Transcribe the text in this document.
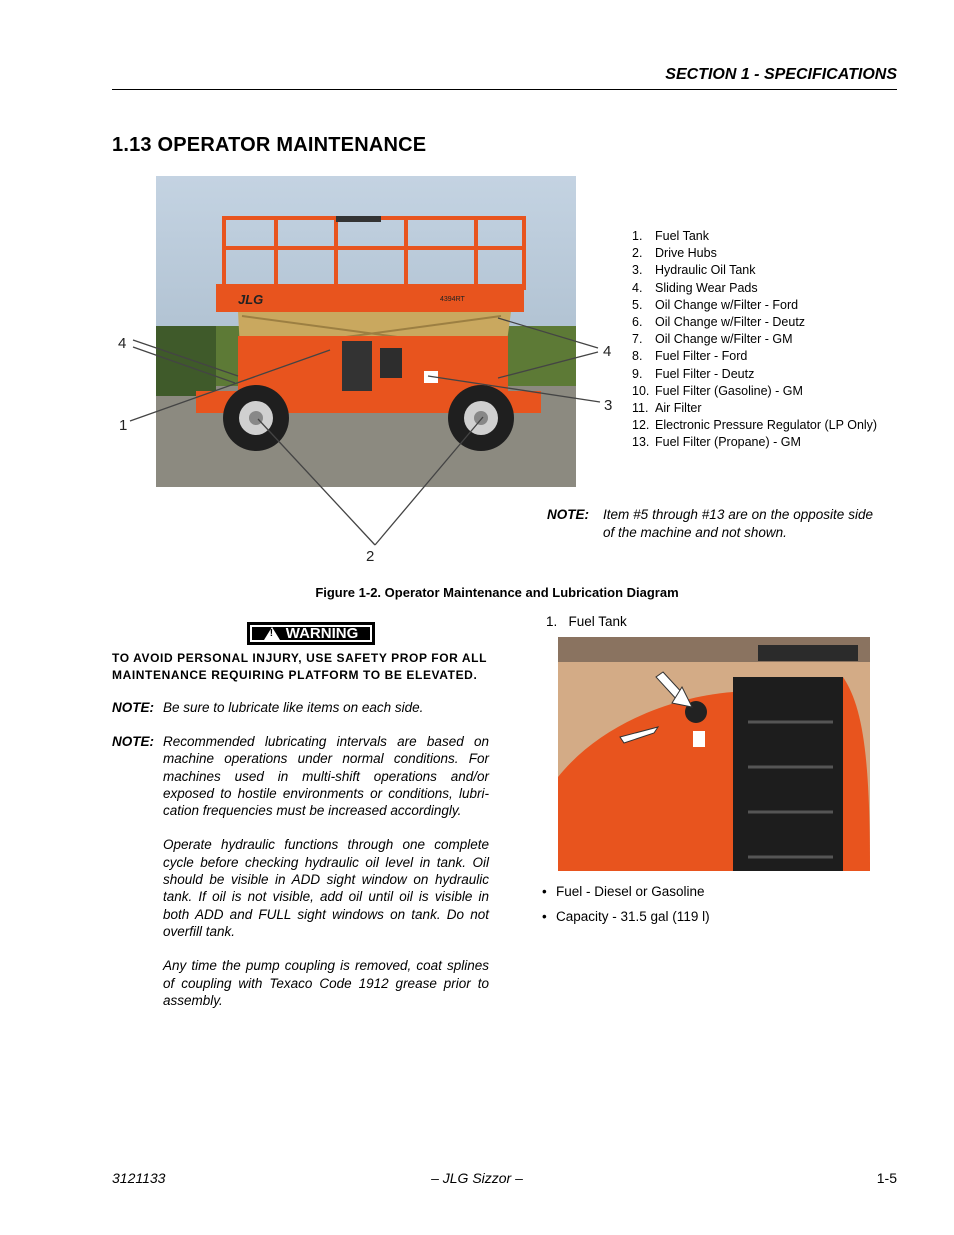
SECTION 1 - SPECIFICATIONS
1.13 OPERATOR MAINTENANCE
JLG	4394RT
4
1
2
4
3
1.	Fuel Tank
2.	Drive Hubs
3.	Hydraulic Oil Tank
4.	Sliding Wear Pads
5.	Oil Change w/Filter - Ford
6.	Oil Change w/Filter - Deutz
7.	Oil Change w/Filter - GM
8.	Fuel Filter - Ford
9.	Fuel Filter - Deutz
10. Fuel Filter (Gasoline) - GM
11. Air Filter
12. Electronic Pressure Regulator (LP Only)
13. Fuel Filter (Propane) - GM
NOTE: Item #5 through #13 are on the opposite side of the machine and not shown.
Figure 1-2. Operator Maintenance and Lubrication Diagram
!
WARNING
TO AVOID PERSONAL INJURY, USE SAFETY PROP FOR ALL MAINTENANCE REQUIRING PLATFORM TO BE ELEVATED.
NOTE: Be sure to lubricate like items on each side.
NOTE: Recommended lubricating intervals are based on machine operations under normal conditions. For machines used in multi-shift operations and/or exposed to hostile environments or conditions, lubri-cation frequencies must be increased accordingly.

Operate hydraulic functions through one complete cycle before checking hydraulic oil level in tank. Oil should be visible in ADD sight window on hydraulic tank. If oil is not visible, add oil until oil is visible in both ADD and FULL sight windows on tank. Do not overfill tank.

Any time the pump coupling is removed, coat splines of coupling with Texaco Code 1912 grease prior to assembly.

1.   Fuel Tank
• Fuel - Diesel or Gasoline
• Capacity - 31.5 gal (119 l)
3121133	– JLG Sizzor –	1-5
